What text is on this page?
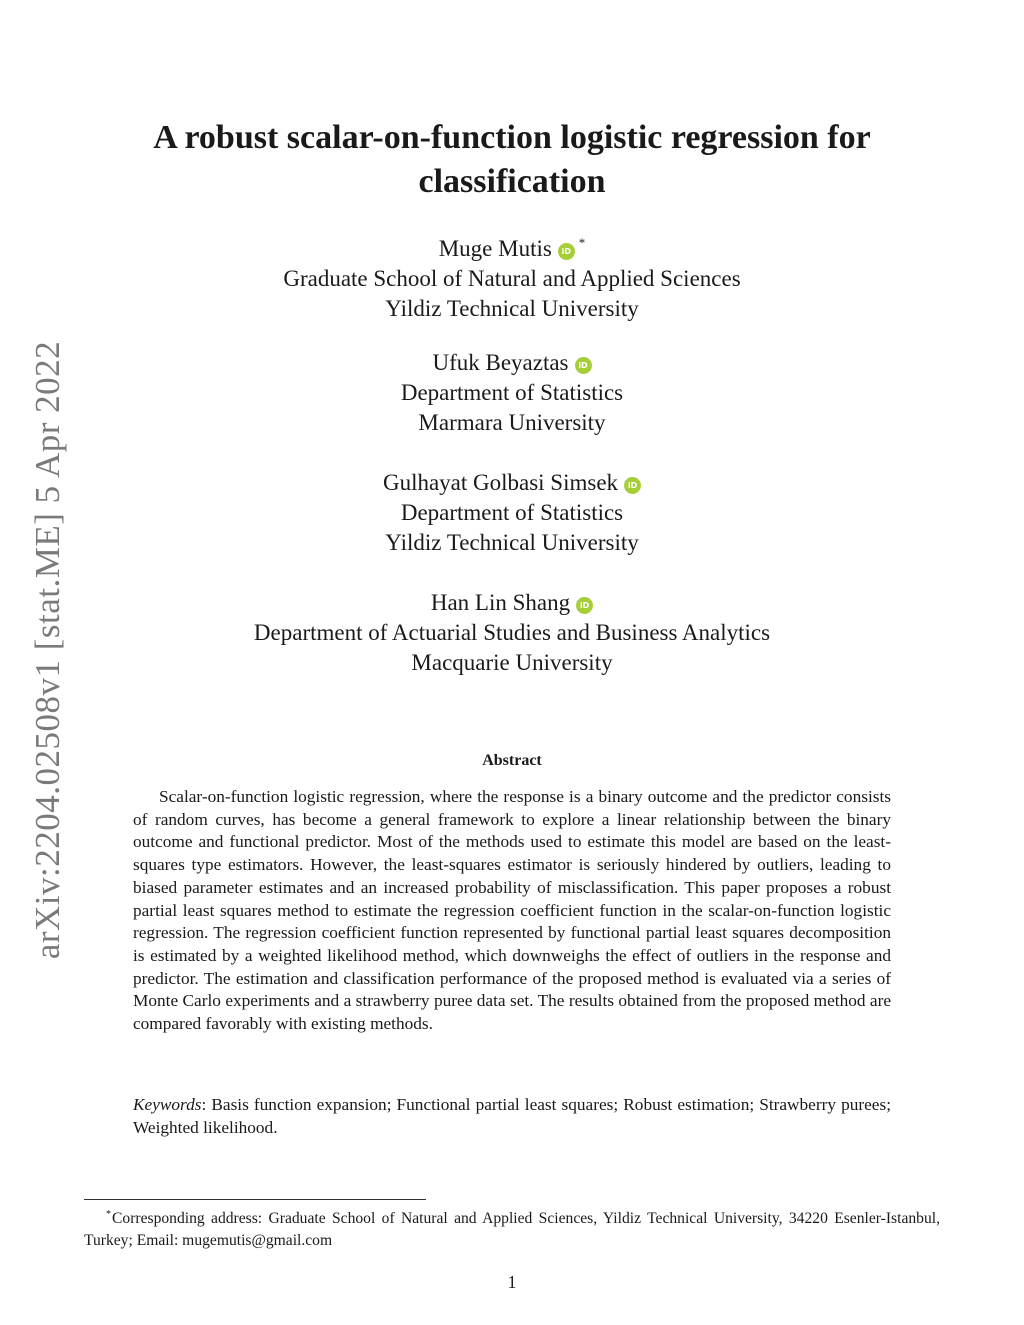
arXiv:2204.02508v1 [stat.ME] 5 Apr 2022
A robust scalar-on-function logistic regression for classification
Muge Mutis iD*
Graduate School of Natural and Applied Sciences
Yildiz Technical University
Ufuk Beyaztas iD
Department of Statistics
Marmara University
Gulhayat Golbasi Simsek iD
Department of Statistics
Yildiz Technical University
Han Lin Shang iD
Department of Actuarial Studies and Business Analytics
Macquarie University
Abstract

Scalar-on-function logistic regression, where the response is a binary outcome and the predictor consists of random curves, has become a general framework to explore a linear relationship between the binary outcome and functional predictor. Most of the methods used to estimate this model are based on the least-squares type estimators. However, the least-squares estimator is seriously hindered by outliers, leading to biased parameter estimates and an increased probability of misclassification. This paper proposes a robust partial least squares method to estimate the regression coefficient function in the scalar-on-function logistic regression. The regression coefficient function represented by functional partial least squares decomposition is estimated by a weighted likelihood method, which downweighs the effect of outliers in the response and predictor. The estimation and classification performance of the proposed method is evaluated via a series of Monte Carlo experiments and a strawberry puree data set. The results obtained from the proposed method are compared favorably with existing methods.

Keywords: Basis function expansion; Functional partial least squares; Robust estimation; Strawberry purees; Weighted likelihood.

*Corresponding address: Graduate School of Natural and Applied Sciences, Yildiz Technical University, 34220 Esenler-Istanbul, Turkey; Email: mugemutis@gmail.com

1
